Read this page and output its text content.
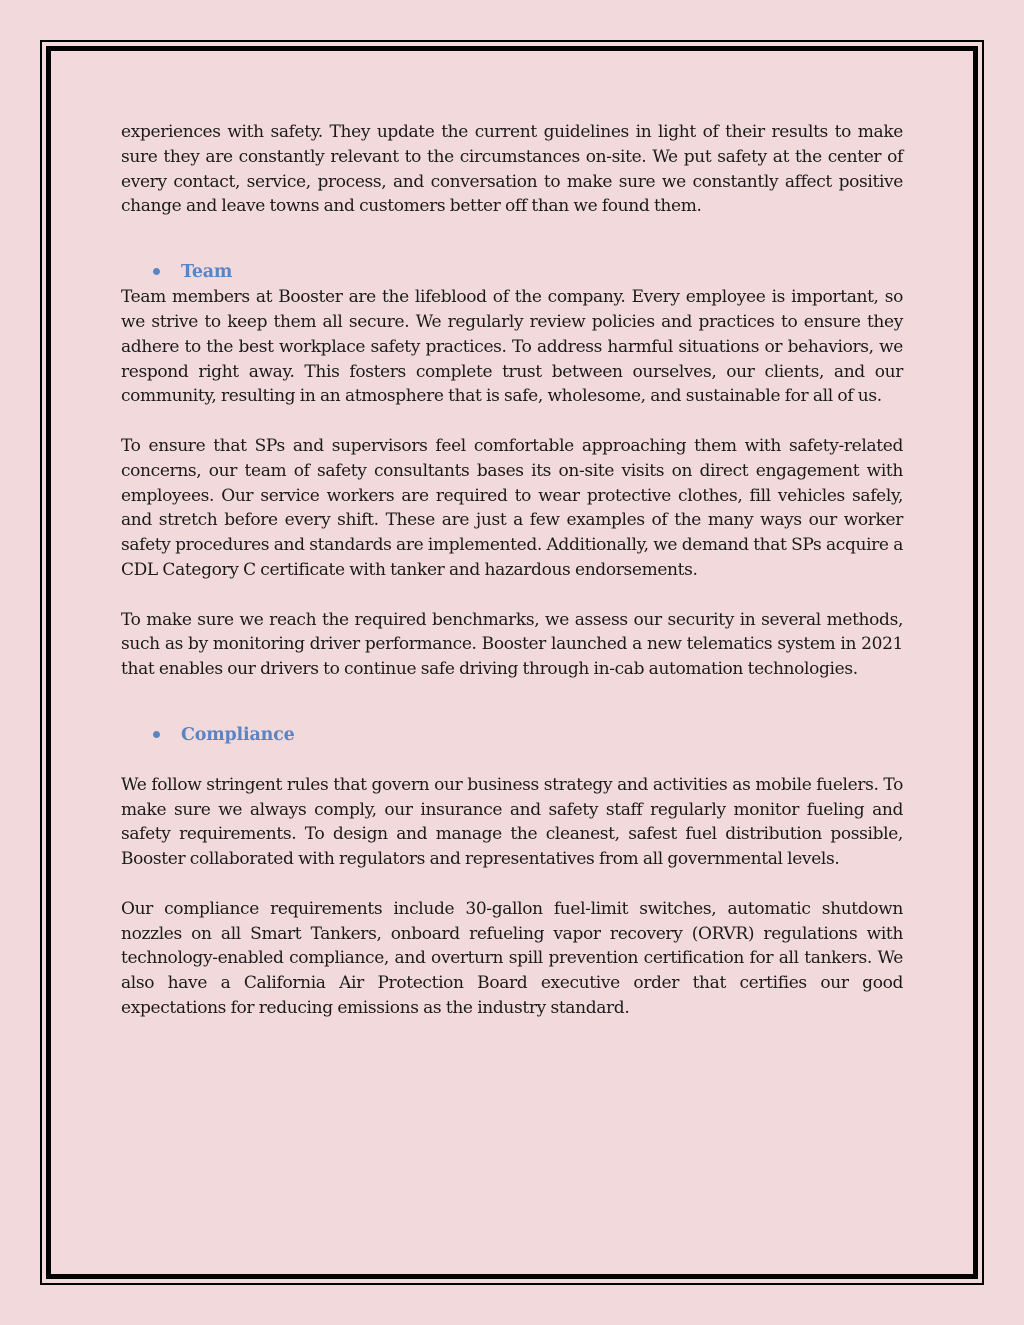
experiences with safety. They update the current guidelines in light of their results to make sure they are constantly relevant to the circumstances on-site. We put safety at the center of every contact, service, process, and conversation to make sure we constantly affect positive change and leave towns and customers better off than we found them.

Team

Team members at Booster are the lifeblood of the company. Every employee is important, so we strive to keep them all secure. We regularly review policies and practices to ensure they adhere to the best workplace safety practices. To address harmful situations or behaviors, we respond right away. This fosters complete trust between ourselves, our clients, and our community, resulting in an atmosphere that is safe, wholesome, and sustainable for all of us.

To ensure that SPs and supervisors feel comfortable approaching them with safety-related concerns, our team of safety consultants bases its on-site visits on direct engagement with employees. Our service workers are required to wear protective clothes, fill vehicles safely, and stretch before every shift. These are just a few examples of the many ways our worker safety procedures and standards are implemented. Additionally, we demand that SPs acquire a CDL Category C certificate with tanker and hazardous endorsements.

To make sure we reach the required benchmarks, we assess our security in several methods, such as by monitoring driver performance. Booster launched a new telematics system in 2021 that enables our drivers to continue safe driving through in-cab automation technologies.

Compliance

We follow stringent rules that govern our business strategy and activities as mobile fuelers. To make sure we always comply, our insurance and safety staff regularly monitor fueling and safety requirements. To design and manage the cleanest, safest fuel distribution possible, Booster collaborated with regulators and representatives from all governmental levels.

Our compliance requirements include 30-gallon fuel-limit switches, automatic shutdown nozzles on all Smart Tankers, onboard refueling vapor recovery (ORVR) regulations with technology-enabled compliance, and overturn spill prevention certification for all tankers. We also have a California Air Protection Board executive order that certifies our good expectations for reducing emissions as the industry standard.
